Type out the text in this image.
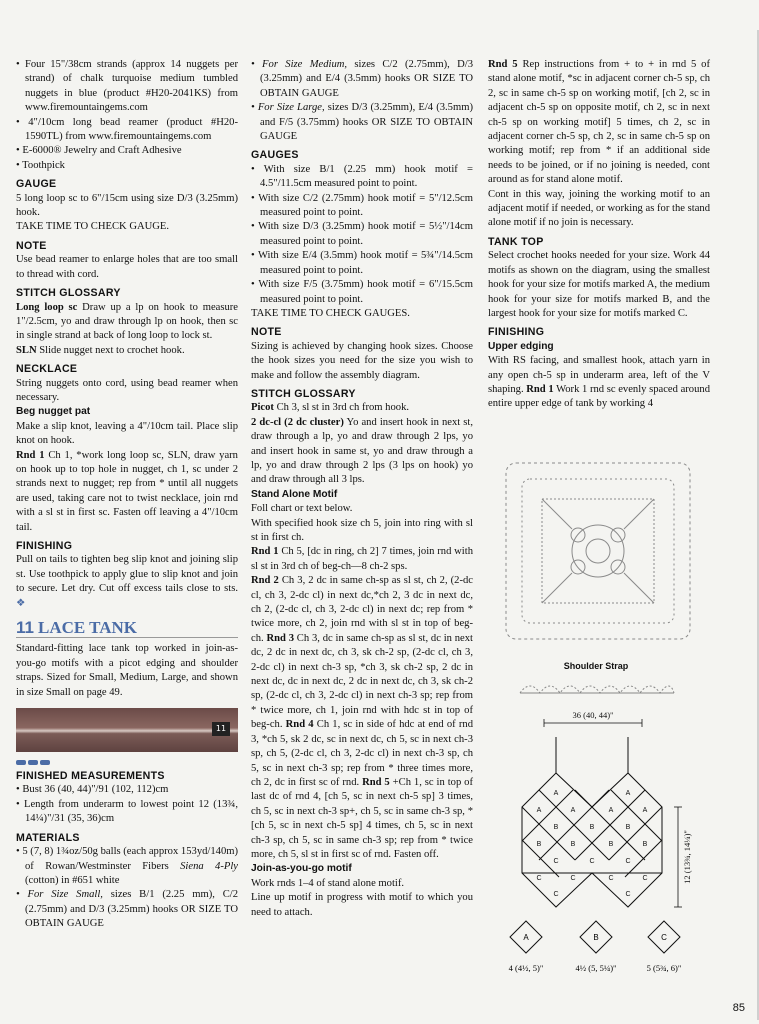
• Four 15"/38cm strands (approx 14 nuggets per strand) of chalk turquoise medium tumbled nuggets in blue (product #H20-2041KS) from www.firemountaingems.com

• 4"/10cm long bead reamer (product #H20-1590TL) from www.firemountaingems.com

• E-6000® Jewelry and Craft Adhesive

• Toothpick

GAUGE

5 long loop sc to 6"/15cm using size D/3 (3.25mm) hook.

TAKE TIME TO CHECK GAUGE.

NOTE

Use bead reamer to enlarge holes that are too small to thread with cord.

STITCH GLOSSARY

Long loop sc Draw up a lp on hook to measure 1"/2.5cm, yo and draw through lp on hook, then sc in single strand at back of long loop to lock st.

SLN Slide nugget next to crochet hook.

NECKLACE

String nuggets onto cord, using bead reamer when necessary.

Beg nugget pat

Make a slip knot, leaving a 4"/10cm tail. Place slip knot on hook.

Rnd 1 Ch 1, *work long loop sc, SLN, draw yarn on hook up to top hole in nugget, ch 1, sc under 2 strands next to nugget; rep from * until all nuggets are used, taking care not to twist necklace, join rnd with a sl st in first sc. Fasten off leaving a 4"/10cm tail.

FINISHING

Pull on tails to tighten beg slip knot and joining slip st. Use toothpick to apply glue to slip knot and join to secure. Let dry. Cut off excess tails close to sts. ❖

11 LACE TANK

Standard-fitting lace tank top worked in join-as-you-go motifs with a picot edging and shoulder straps. Sized for Small, Medium, Large, and shown in size Small on page 49.

11
FINISHED MEASUREMENTS

• Bust 36 (40, 44)"/91 (102, 112)cm

• Length from underarm to lowest point 12 (13¾, 14¼)"/31 (35, 36)cm

MATERIALS

• 5 (7, 8) 1¾oz/50g balls (each approx 153yd/140m) of Rowan/Westminster Fibers Siena 4-Ply (cotton) in #651 white

• For Size Small, sizes B/1 (2.25 mm), C/2 (2.75mm) and D/3 (3.25mm) hooks OR SIZE TO OBTAIN GAUGE

• For Size Medium, sizes C/2 (2.75mm), D/3 (3.25mm) and E/4 (3.5mm) hooks OR SIZE TO OBTAIN GAUGE

• For Size Large, sizes D/3 (3.25mm), E/4 (3.5mm) and F/5 (3.75mm) hooks OR SIZE TO OBTAIN GAUGE

GAUGES

• With size B/1 (2.25 mm) hook motif = 4.5"/11.5cm measured point to point.

• With size C/2 (2.75mm) hook motif = 5"/12.5cm measured point to point.

• With size D/3 (3.25mm) hook motif = 5½"/14cm measured point to point.

• With size E/4 (3.5mm) hook motif = 5¾"/14.5cm measured point to point.

• With size F/5 (3.75mm) hook motif = 6"/15.5cm measured point to point.

TAKE TIME TO CHECK GAUGES.

NOTE

Sizing is achieved by changing hook sizes. Choose the hook sizes you need for the size you wish to make and follow the assembly diagram.

STITCH GLOSSARY

Picot Ch 3, sl st in 3rd ch from hook.

2 dc-cl (2 dc cluster) Yo and insert hook in next st, draw through a lp, yo and draw through 2 lps, yo and insert hook in same st, yo and draw through a lp, yo and draw through 2 lps (3 lps on hook) yo and draw through all 3 lps.

Stand Alone Motif

Foll chart or text below.

With specified hook size ch 5, join into ring with sl st in first ch.

Rnd 1 Ch 5, [dc in ring, ch 2] 7 times, join rnd with sl st in 3rd ch of beg-ch—8 ch-2 sps.

Rnd 2 Ch 3, 2 dc in same ch-sp as sl st, ch 2, (2-dc cl, ch 3, 2-dc cl) in next dc,*ch 2, 3 dc in next dc, ch 2, (2-dc cl, ch 3, 2-dc cl) in next dc; rep from * twice more, ch 2, join rnd with sl st in top of beg-ch. Rnd 3 Ch 3, dc in same ch-sp as sl st, dc in next dc, 2 dc in next dc, ch 3, sk ch-2 sp, (2-dc cl, ch 3, 2-dc cl) in next ch-3 sp, *ch 3, sk ch-2 sp, 2 dc in next dc, dc in next dc, 2 dc in next dc, ch 3, sk ch-2 sp, (2-dc cl, ch 3, 2-dc cl) in next ch-3 sp; rep from * twice more, ch 1, join rnd with hdc st in top of beg-ch. Rnd 4 Ch 1, sc in side of hdc at end of rnd 3, *ch 5, sk 2 dc, sc in next dc, ch 5, sc in next ch-3 sp, ch 5, (2-dc cl, ch 3, 2-dc cl) in next ch-3 sp, ch 5, sc in next ch-3 sp; rep from * three times more, ch 2, dc in first sc of rnd. Rnd 5 +Ch 1, sc in top of last dc of rnd 4, [ch 5, sc in next ch-5 sp] 3 times, ch 5, sc in next ch-3 sp+, ch 5, sc in same ch-3 sp, *[ch 5, sc in next ch-5 sp] 4 times, ch 5, sc in next ch-3 sp, ch 5, sc in same ch-3 sp; rep from * twice more, ch 5, sl st in first sc of rnd. Fasten off.

Join-as-you-go motif

Work rnds 1–4 of stand alone motif.

Line up motif in progress with motif to which you need to attach.

Rnd 5 Rep instructions from + to + in rnd 5 of stand alone motif, *sc in adjacent corner ch-5 sp, ch 2, sc in same ch-5 sp on working motif, [ch 2, sc in adjacent ch-5 sp on opposite motif, ch 2, sc in next ch-5 sp on working motif] 5 times, ch 2, sc in adjacent corner ch-5 sp, ch 2, sc in same ch-5 sp on working motif; rep from * if an additional side needs to be joined, or if no joining is needed, cont around as for stand alone motif.

Cont in this way, joining the working motif to an adjacent motif if needed, or working as for the stand alone motif if no join is necessary.

TANK TOP

Select crochet hooks needed for your size. Work 44 motifs as shown on the diagram, using the smallest hook for your size for motifs marked A, the medium hook for your size for motifs marked B, and the largest hook for your size for motifs marked C.

FINISHING
Upper edging

With RS facing, and smallest hook, attach yarn in any open ch-5 sp in underarm area, left of the V shaping. Rnd 1 Work 1 rnd sc evenly spaced around entire upper edge of tank by working 4

Shoulder Strap
36 (40, 44)"
A	A
A	A	A	A
B	B	B
B	B	B	B
C	C	C
C	C	C	C
C	C
12 (13¾, 14¼)"
A	B	C
4 (4½, 5)"	4½ (5, 5¼)"	5 (5¾, 6)"
85
